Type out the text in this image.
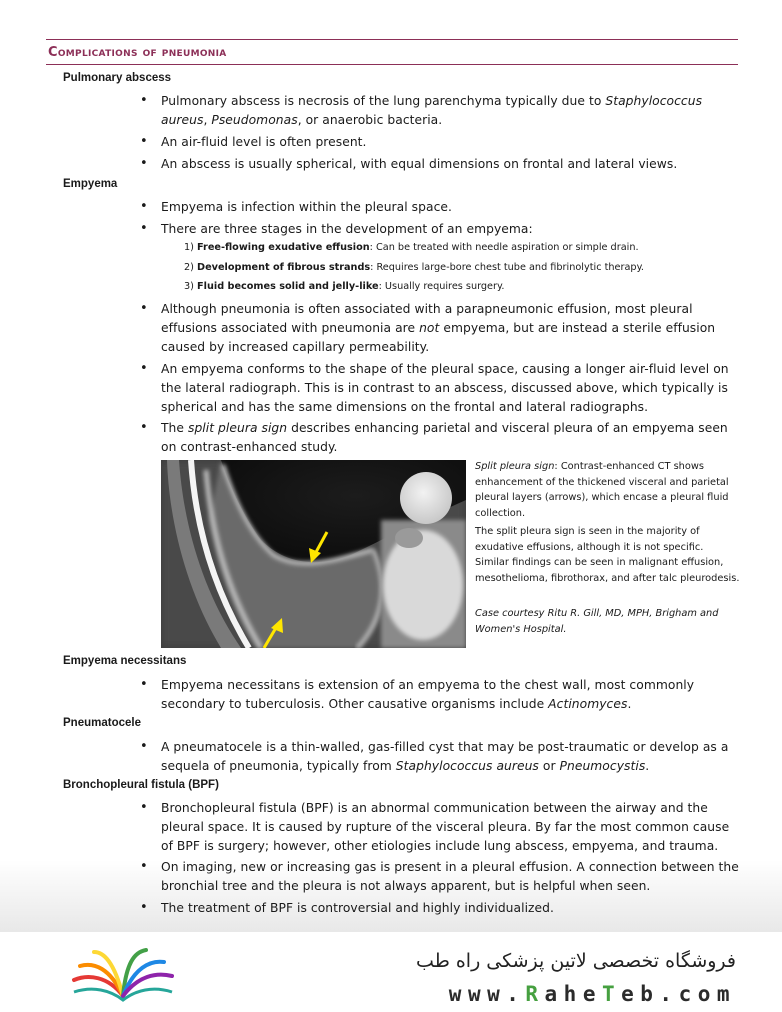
Complications of pneumonia
Pulmonary abscess
• Pulmonary abscess is necrosis of the lung parenchyma typically due to Staphylococcus aureus, Pseudomonas, or anaerobic bacteria.
• An air-fluid level is often present.
• An abscess is usually spherical, with equal dimensions on frontal and lateral views.
Empyema
• Empyema is infection within the pleural space.
• There are three stages in the development of an empyema:
1) Free-flowing exudative effusion: Can be treated with needle aspiration or simple drain.
2) Development of fibrous strands: Requires large-bore chest tube and fibrinolytic therapy.
3) Fluid becomes solid and jelly-like: Usually requires surgery.
• Although pneumonia is often associated with a parapneumonic effusion, most pleural effusions associated with pneumonia are not empyema, but are instead a sterile effusion caused by increased capillary permeability.
• An empyema conforms to the shape of the pleural space, causing a longer air-fluid level on the lateral radiograph. This is in contrast to an abscess, discussed above, which typically is spherical and has the same dimensions on the frontal and lateral radiographs.
• The split pleura sign describes enhancing parietal and visceral pleura of an empyema seen on contrast-enhanced study.
Split pleura sign: Contrast-enhanced CT shows enhancement of the thickened visceral and parietal pleural layers (arrows), which encase a pleural fluid collection.
The split pleura sign is seen in the majority of exudative effusions, although it is not specific. Similar findings can be seen in malignant effusion, mesothelioma, fibrothorax, and after talc pleurodesis.
Case courtesy Ritu R. Gill, MD, MPH, Brigham and Women's Hospital.
Empyema necessitans
• Empyema necessitans is extension of an empyema to the chest wall, most commonly secondary to tuberculosis. Other causative organisms include Actinomyces.
Pneumatocele
• A pneumatocele is a thin-walled, gas-filled cyst that may be post-traumatic or develop as a sequela of pneumonia, typically from Staphylococcus aureus or Pneumocystis.
Bronchopleural fistula (BPF)
• Bronchopleural fistula (BPF) is an abnormal communication between the airway and the pleural space. It is caused by rupture of the visceral pleura. By far the most common cause of BPF is surgery; however, other etiologies include lung abscess, empyema, and trauma.
• On imaging, new or increasing gas is present in a pleural effusion. A connection between the bronchial tree and the pleura is not always apparent, but is helpful when seen.
• The treatment of BPF is controversial and highly individualized.
فروشگاه تخصصی لاتین پزشکی راه طب
www.RaheTeb.com
